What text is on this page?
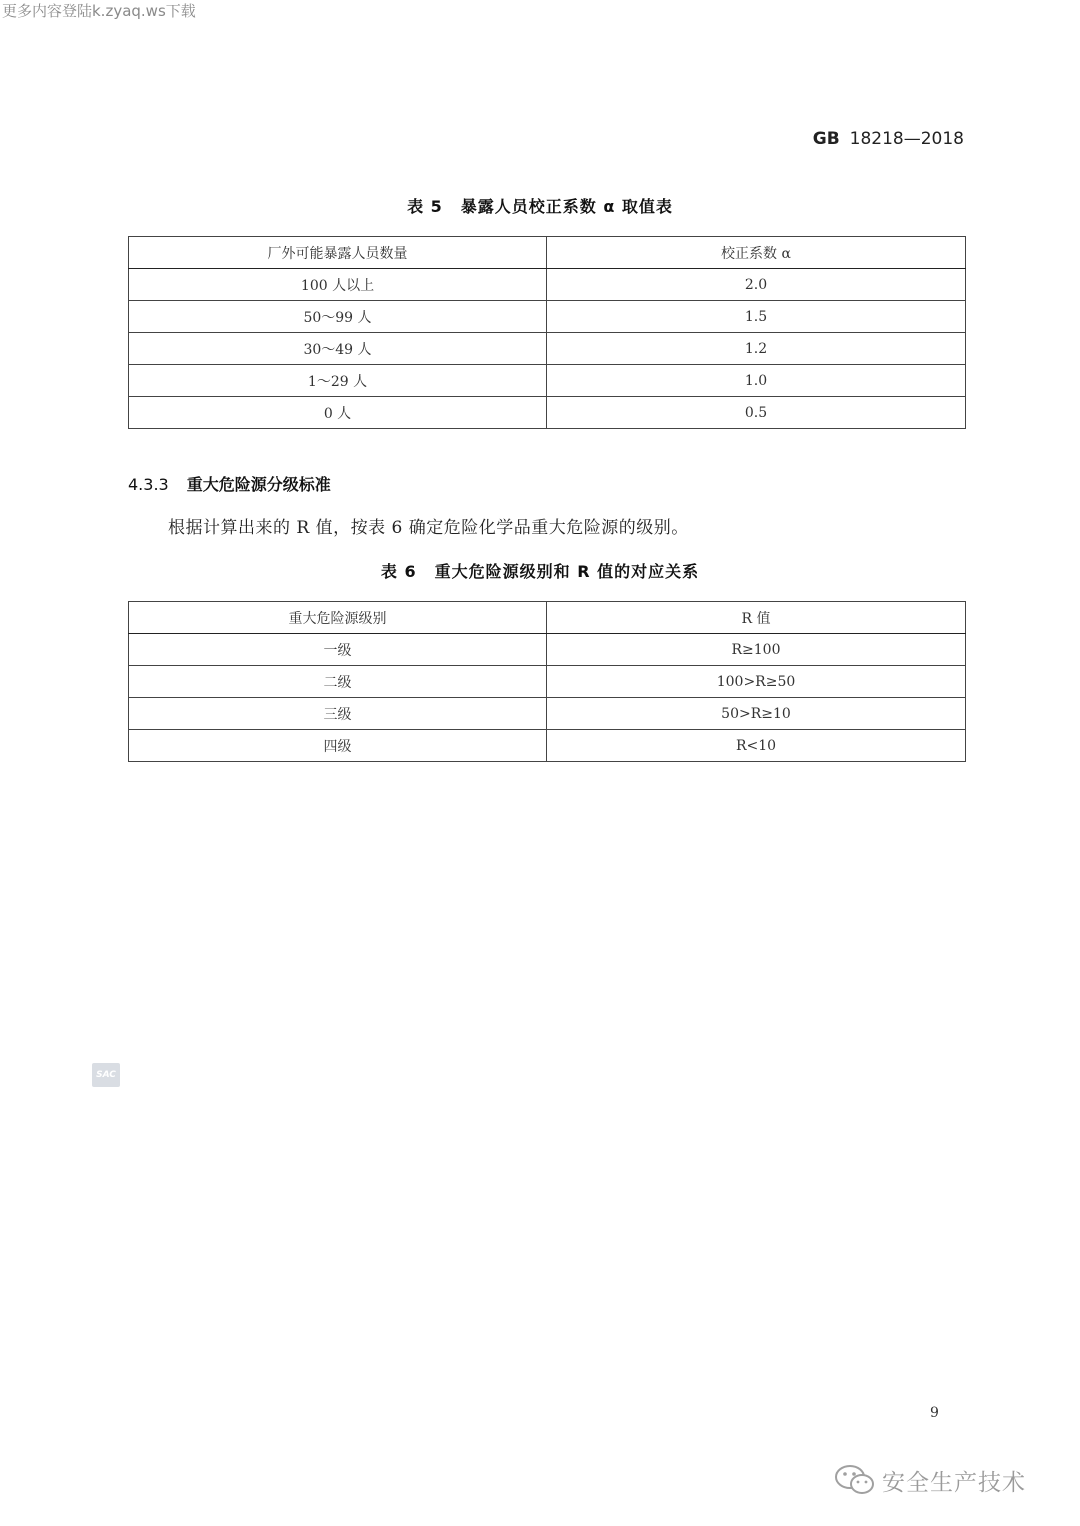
更多内容登陆k.zyaq.ws下载
GB 18218—2018
表 5 暴露人员校正系数 α 取值表
厂外可能暴露人员数量	校正系数 α
100 人以上	2.0
50～99 人	1.5
30～49 人	1.2
1～29 人	1.0
0 人	0.5
4.3.3 重大危险源分级标准
根据计算出来的 R 值，按表 6 确定危险化学品重大危险源的级别。
表 6 重大危险源级别和 R 值的对应关系
重大危险源级别	R 值
一级	R≥100
二级	100>R≥50
三级	50>R≥10
四级	R<10
SAC
9
安全生产技术
